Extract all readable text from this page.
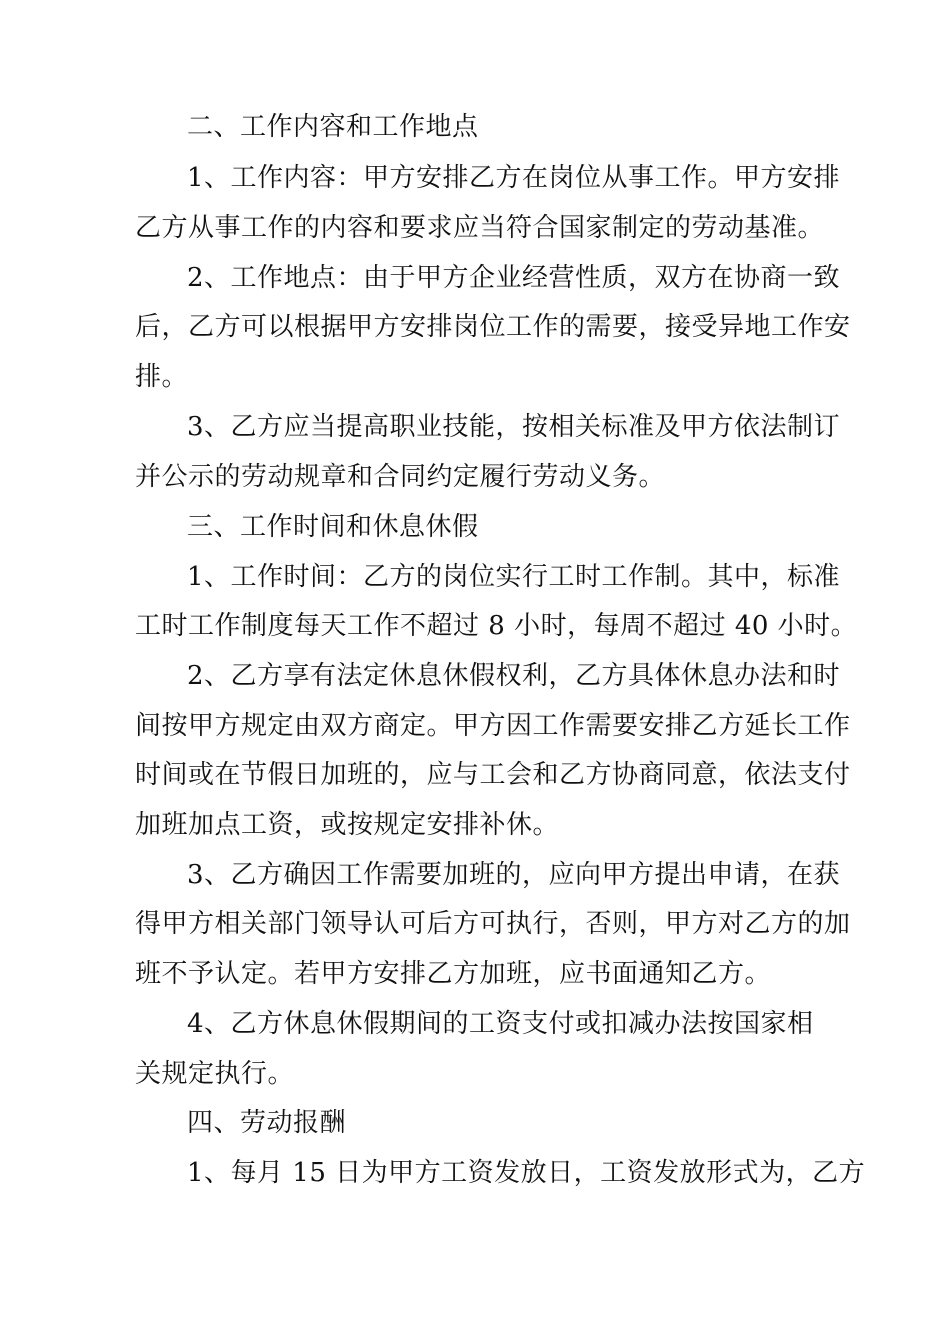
二、工作内容和工作地点
1、工作内容：甲方安排乙方在岗位从事工作。甲方安排
乙方从事工作的内容和要求应当符合国家制定的劳动基准。
2、工作地点：由于甲方企业经营性质，双方在协商一致
后，乙方可以根据甲方安排岗位工作的需要，接受异地工作安
排。
3、乙方应当提高职业技能，按相关标准及甲方依法制订
并公示的劳动规章和合同约定履行劳动义务。
三、工作时间和休息休假
1、工作时间：乙方的岗位实行工时工作制。其中，标准
工时工作制度每天工作不超过 8 小时，每周不超过 40 小时。
2、乙方享有法定休息休假权利，乙方具体休息办法和时
间按甲方规定由双方商定。甲方因工作需要安排乙方延长工作
时间或在节假日加班的，应与工会和乙方协商同意，依法支付
加班加点工资，或按规定安排补休。
3、乙方确因工作需要加班的，应向甲方提出申请，在获
得甲方相关部门领导认可后方可执行，否则，甲方对乙方的加
班不予认定。若甲方安排乙方加班，应书面通知乙方。
4、乙方休息休假期间的工资支付或扣减办法按国家相
关规定执行。
四、劳动报酬
1、每月 15 日为甲方工资发放日，工资发放形式为，乙方
